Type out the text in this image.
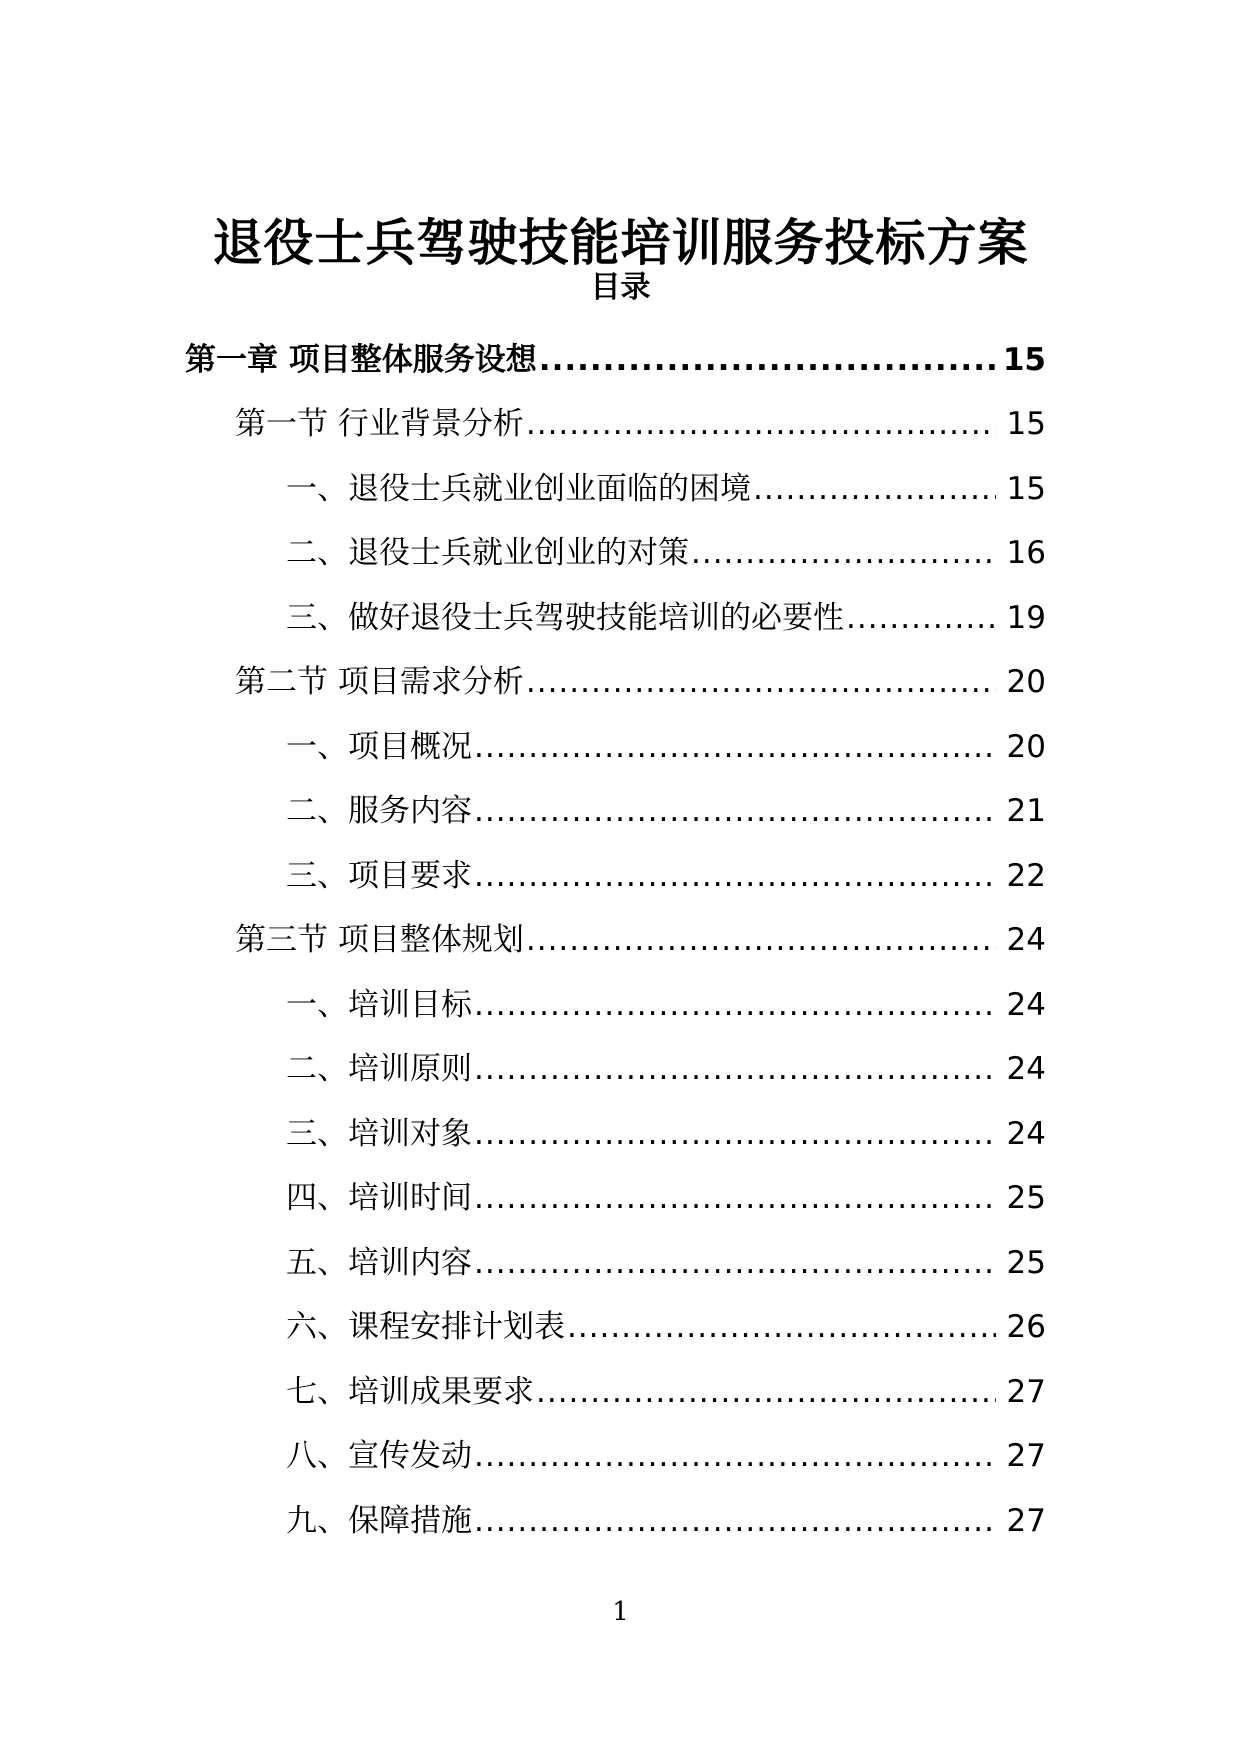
退役士兵驾驶技能培训服务投标方案
目录
第一章 项目整体服务设想 .....	15
第一节 行业背景分析 .....	15
一、退役士兵就业创业面临的困境 .....	15
二、退役士兵就业创业的对策 .....	16
三、做好退役士兵驾驶技能培训的必要性 .....	19
第二节 项目需求分析 .....	20
一、项目概况 .....	20
二、服务内容 .....	21
三、项目要求 .....	22
第三节 项目整体规划 .....	24
一、培训目标 .....	24
二、培训原则 .....	24
三、培训对象 .....	24
四、培训时间 .....	25
五、培训内容 .....	25
六、课程安排计划表 .....	26
七、培训成果要求 .....	27
八、宣传发动 .....	27
九、保障措施 .....	27
1
